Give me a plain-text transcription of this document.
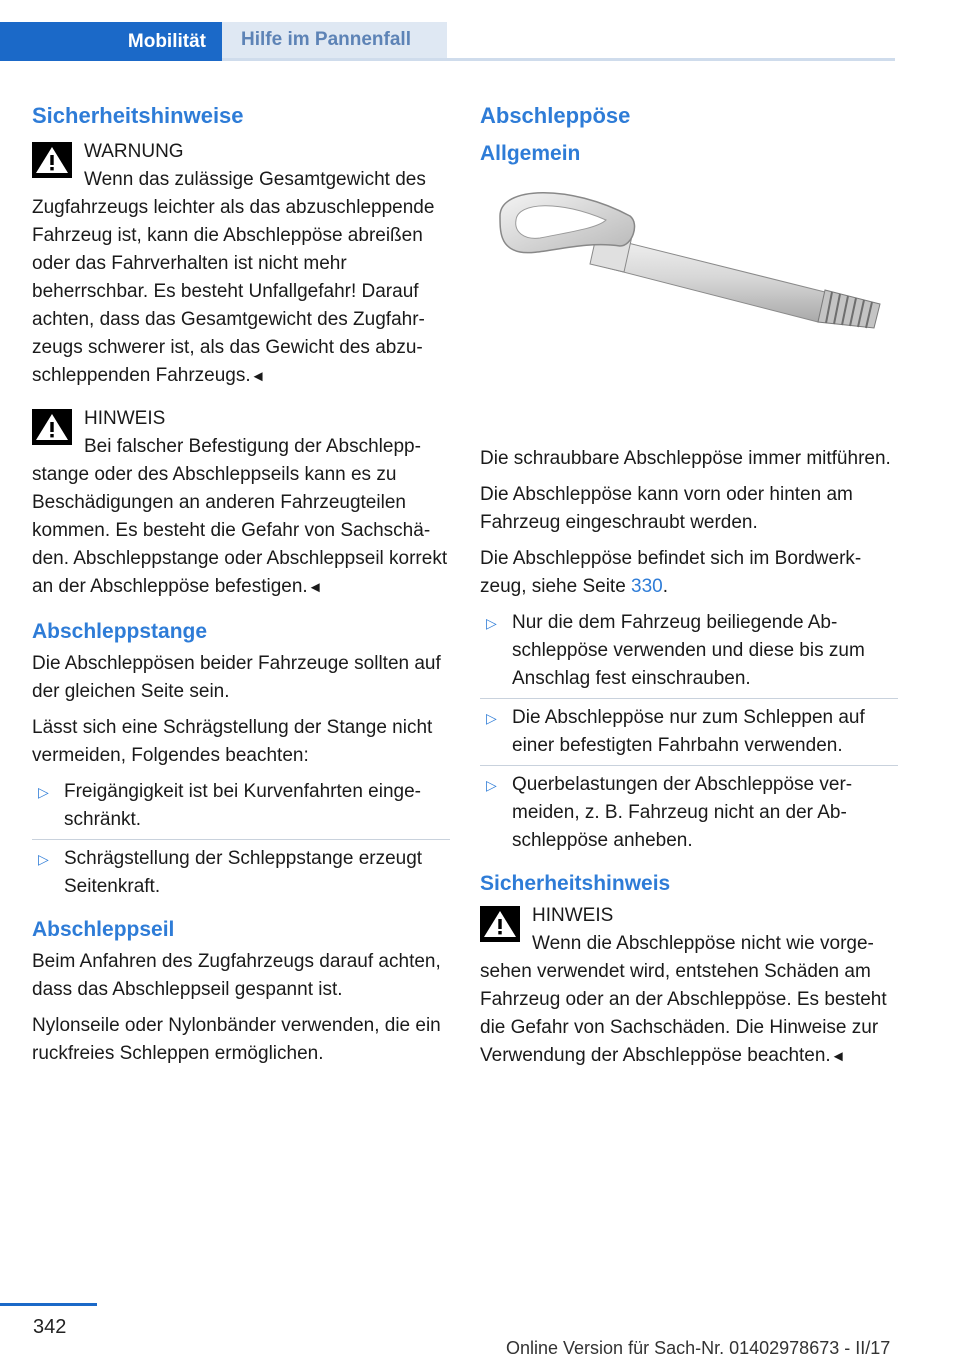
Mobilität Hilfe im Pannenfall
Sicherheitshinweise
WARNUNG
Wenn das zulässige Gesamtgewicht des Zugfahrzeugs leichter als das abzuschleppende Fahrzeug ist, kann die Abschleppöse abreißen oder das Fahrverhalten ist nicht mehr beherrschbar. Es besteht Unfallgefahr! Darauf achten, dass das Gesamtgewicht des Zugfahrzeugs schwerer ist, als das Gewicht des abzuschleppenden Fahrzeugs.◄
HINWEIS
Bei falscher Befestigung der Abschleppstange oder des Abschleppseils kann es zu Beschädigungen an anderen Fahrzeugteilen kommen. Es besteht die Gefahr von Sachschäden. Abschleppstange oder Abschleppseil korrekt an der Abschleppöse befestigen.◄
Abschleppstange

Die Abschleppösen beider Fahrzeuge sollten auf der gleichen Seite sein.

Lässt sich eine Schrägstellung der Stange nicht vermeiden, Folgendes beachten:

▷ Freigängigkeit ist bei Kurvenfahrten eingeschränkt.
▷ Schrägstellung der Schleppstange erzeugt Seitenkraft.
Abschleppseil

Beim Anfahren des Zugfahrzeugs darauf achten, dass das Abschleppseil gespannt ist.

Nylonseile oder Nylonbänder verwenden, die ein ruckfreies Schleppen ermöglichen.

Abschleppöse
Allgemein

Die schraubbare Abschleppöse immer mitführen.

Die Abschleppöse kann vorn oder hinten am Fahrzeug eingeschraubt werden.

Die Abschleppöse befindet sich im Bordwerkzeug, siehe Seite 330.

▷ Nur die dem Fahrzeug beiliegende Abschleppöse verwenden und diese bis zum Anschlag fest einschrauben.
▷ Die Abschleppöse nur zum Schleppen auf einer befestigten Fahrbahn verwenden.
▷ Querbelastungen der Abschleppöse vermeiden, z. B. Fahrzeug nicht an der Abschleppöse anheben.
Sicherheitshinweis
HINWEIS
Wenn die Abschleppöse nicht wie vorgesehen verwendet wird, entstehen Schäden am Fahrzeug oder an der Abschleppöse. Es besteht die Gefahr von Sachschäden. Die Hinweise zur Verwendung der Abschleppöse beachten.◄
342
Online Version für Sach-Nr. 01402978673 - II/17
